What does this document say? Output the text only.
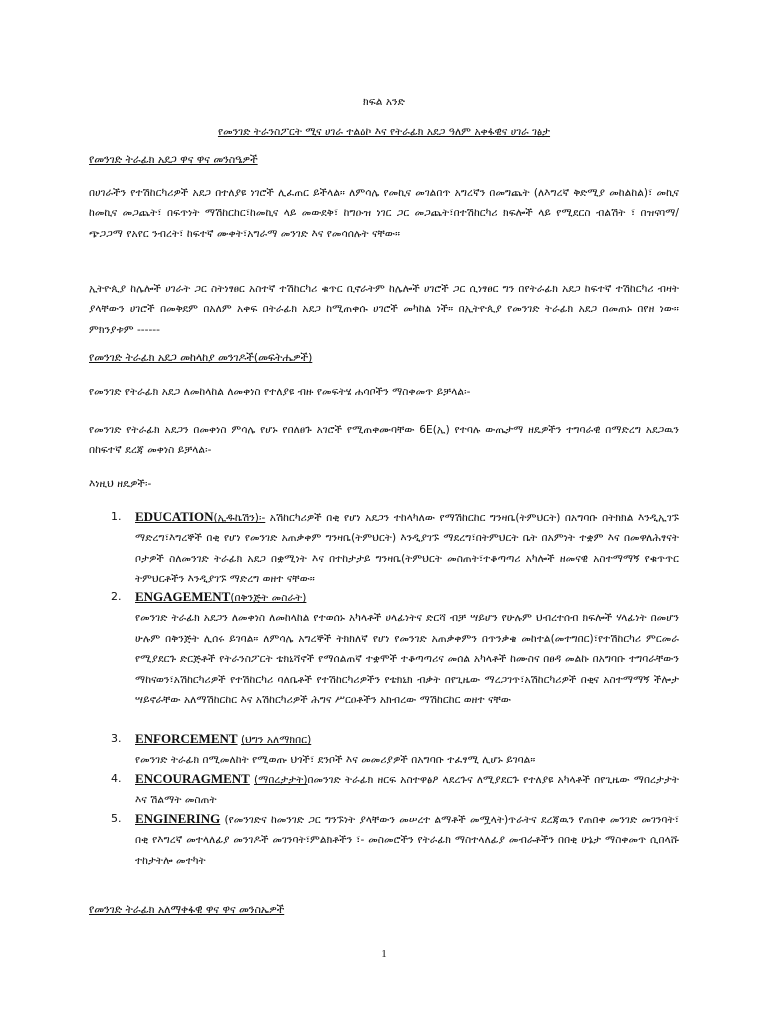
ክፍል አንድ
የመንገድ ትራንስፖርት ሚና ሀገራ ተልዕኮ እና የትራፊክ አደጋ ዓለም አቀፋዊና ሀገራ ገፅታ
የመንገድ ትራፊክ አደጋ ዋና ዋና መንስዔዎች

በሀገራችን የተሽከርካሪዎች አደጋ በተለያዩ ነገሮች ሊፈጠር ይችላል። ለምሳሌ የመኪና መገልበጥ አግረኛን በመግጨት (ለእግረኛ ቅድሚያ መከልከል)፣ መኪና ከመኪና መጋጨት፣ በፍጥነት ማሽከርከር፣ከመኪና ላይ መውደቅ፣ ከግዑዝ ነገር ጋር መጋጨት፣በተሽከርካሪ ክፍሎች ላይ የሚደርስ ብልሽት ፣ በዝናባማ/ጭጋጋማ የአየር ንብረት፣ ከፍተኛ ሙቀት፣አግራማ መንገድ እና የመሳሰሉት ናቸው።

ኢትዮጲያ ከሌሎች ሀገራት ጋር ስትነፃፀር አስተኛ ተሽከርካሪ ቁጥር ቢኖራትም ከሌሎች ሀገሮች ጋር ሲነፃፀር ግን በየትራፊክ አደጋ ከፍተኛ ተሽከርካሪ ብዛት ያላቸውን ሀገሮች በመቅደም በአለም አቀፍ በትራፊክ አደጋ ከሚጠቀሱ ሀገሮች መካከል ነች። በኢትዮጲያ የመንገድ ትራፊክ አደጋ በመጠኑ በየዘ ነው። ምክንያቱም ------

የመንገድ ትራፊክ አደጋ መከላከያ መንገዶች(መፍትሔዎች)

የመንገድ የትራፊክ አደጋ ለመከላከል ለመቀነስ የተለያዩ ብዙ የመፍትሄ ሐሳቦችን ማስቀመጥ ይቻላል፡-

የመንገድ የትራፊክ አደጋን በመቀነስ ምሳሌ የሆኑ የበለፀጉ አገሮች የሚጠቀሙባቸው 6E(ኢ) የተባሉ ውጤታማ ዘዴዎችን ተግባራዊ በማድረግ አደጋዉን በከፍተኛ ደረጃ መቀነስ ይቻላል፡-

እነዚህ ዘዴዎች፡-

1. EDUCATION(ኢዱኬሽን)፡- አሽከርካሪዎች በቂ የሆነ አደጋን ተከላካለው የማሽከርከር ግንዛቤ(ትምህርት) በአግባቡ በትክክል እንዲኢገኙ ማድረግ፣እግረኞች በቂ የሆነ የመንገድ አጠቃቀም ግንዛቤ(ትምህርት) እንዲያገኙ ማደረግ፣በትምህርት ቤት በአምነት ተቋም እና በመዋለሕፃናት ቦታዎች ስለመንገድ ትራፊክ አደጋ በቋሚነት እና በተከታታይ ግንዛቤ(ትምህርት መስጠት፣ተቆጣጣሪ አካሎች ዘመናዊ አስተማማኝ የቁጥጥር ትምህርቶችን እንዲያገኙ ማድረግ ወዘተ ናቸው።
2. ENGAGEMENT(በቅንጅት መስራት)
የመንገድ ትራፊክ አደጋን ለመቀነስ ለመከላከል የተወሰኑ አካላቶች ሀላፊነትና ድርሻ ብቻ ሣይሆን የሁሉም ህብረተሰብ ክፍሎች ሃላፊነት በመሆን ሁሉም በቅንጅት ሊሰሩ ይገባል። ለምሳሌ አግረኞች ትክክለኛ የሆነ የመንገድ አጠቃቀምን በጥንቃቄ መከተል(መተግበር)፣የተሽከርካሪ ምርመራ የሚያደርጉ ድርጅቶች የትራንስፖርት ቴክኒሻኖች የማሰልጠኛ ተቋሞች ተቆጣጣሪና መሰል አካላቶች ከሙስና በፀዳ መልኩ በአግባቡ ተግባራቸውን ማከናወን፣አሽከርካሪዎች የተሽከርካሪ ባለቤቶች የተሽከርካሪዎችን የቴክኒክ ብቃት በየጊዜው ማረጋገጥ፣አሽከርካሪዎች በቂና አስተማማኝ ችሎታ ሣይኖራቸው አለማሽከርከር እና አሽከርካሪዎች ሕግና ሥርዐቶችን አክብረው ማሽከርከር ወዘተ ናቸው
3. ENFORCEMENT (ህግን አለማክበር)
የመንገድ ትራፊክ በሚመለከት የሚወጡ ህጎች፣ ደንቦች እና መመሪያዎች በአግባቡ ተፈፃሚ ሊሆኑ ይገባል።
4. ENCOURAGMENT (ማበረታታት)በመንገድ ትራፊክ ዘርፍ አስተዋፅዖ ላደረጉና ለሚያደርጉ የተለያዩ አካላቶች በየጊዜው ማበረታታት እና ሽልማት መስጠት
5. ENGINERING (የመንገድና ከመንገድ ጋር ግንኙነት ያላቸውን መሠረተ ልማቶች መሟላት)ጥራትና ደረጃዉን የጠበቀ መንገድ መገንባት፣ በቂ የእግረኛ መተላለፊያ መንገዶች መገንባት፣ምልክቶችን ፣- መስመሮችን የትራፊክ ማስተላለፊያ መብራቶችን በበቂ ሁኔታ ማስቀመጥ ሲበላሹ ተከታትሎ መተካት
የመንገድ ትራፊክ አለማቀፋዊ ዋና ዋና መንስኤዎች
1
